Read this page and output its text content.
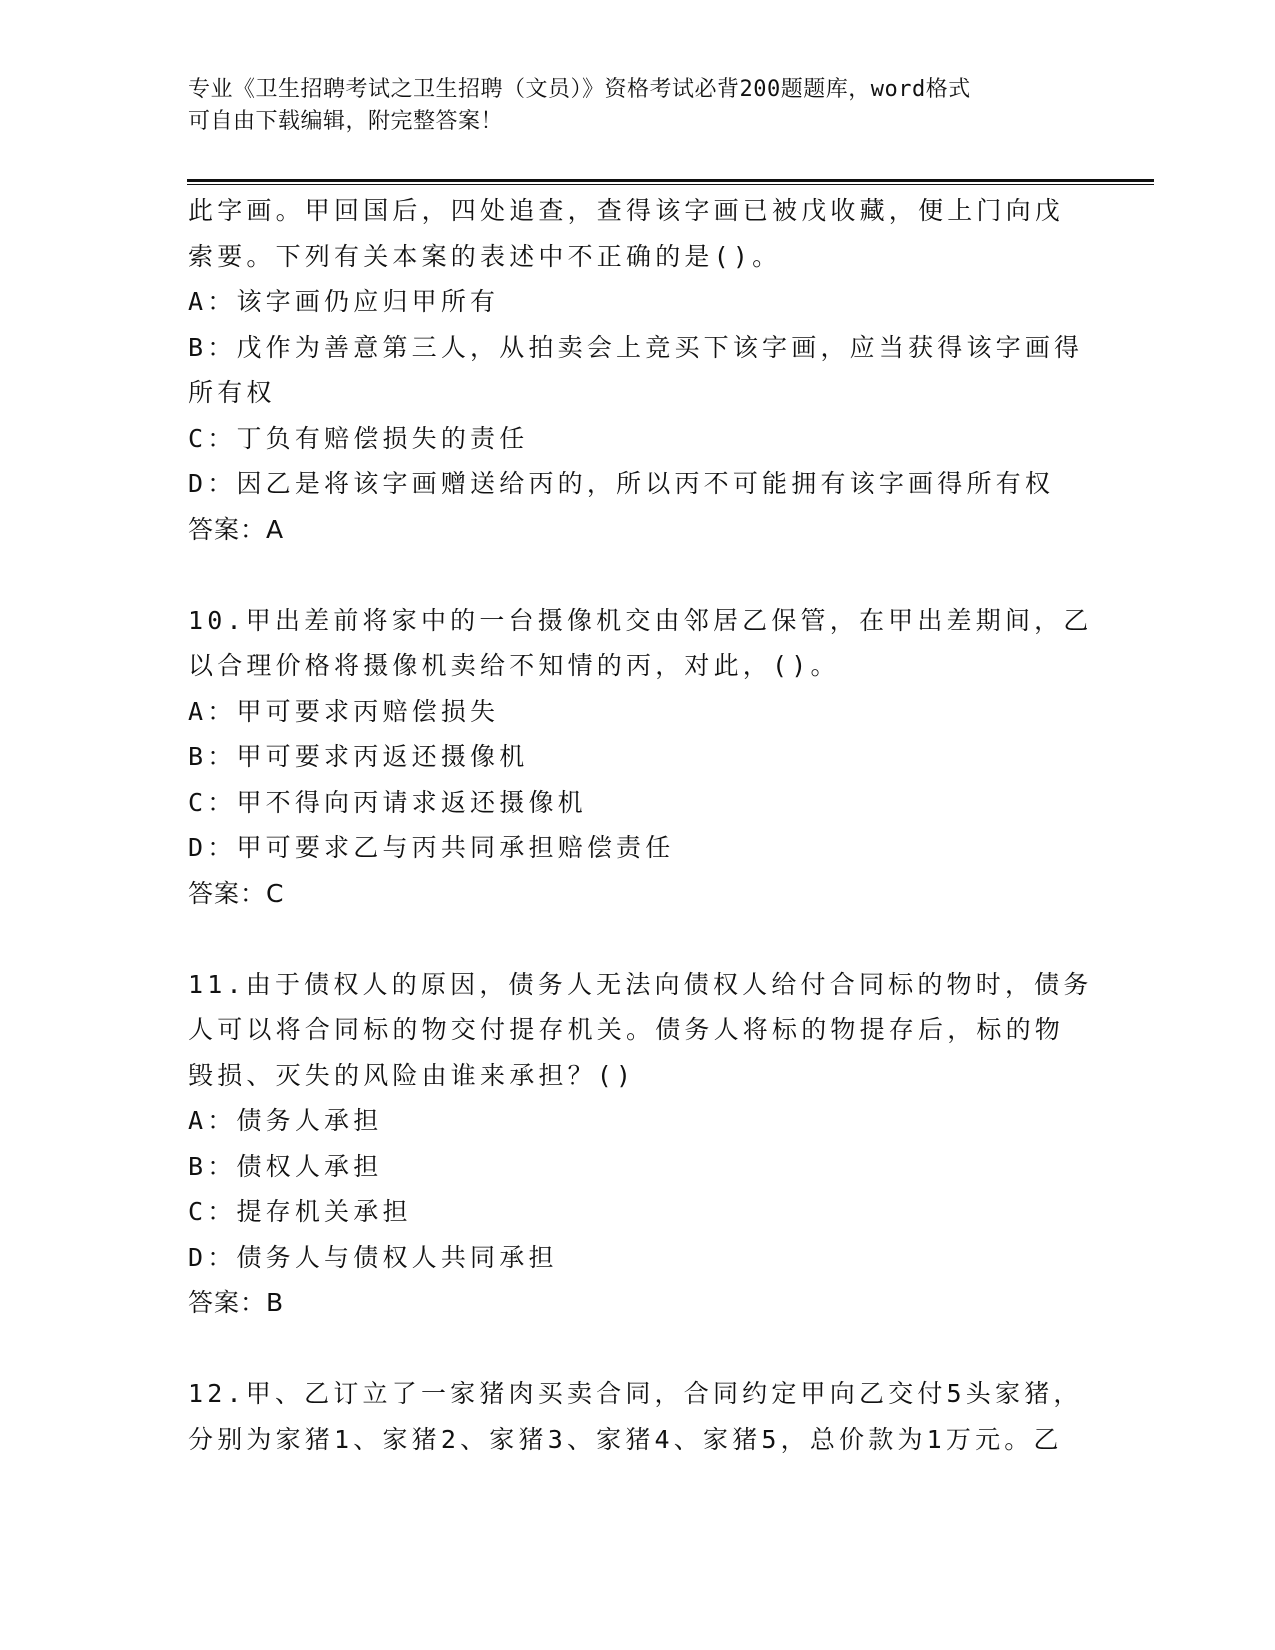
专业《卫生招聘考试之卫生招聘（文员）》资格考试必背200题题库，word格式
可自由下载编辑，附完整答案！
此字画。甲回国后，四处追查，查得该字画已被戊收藏，便上门向戊
索要。下列有关本案的表述中不正确的是()。
A：该字画仍应归甲所有
B：戊作为善意第三人，从拍卖会上竞买下该字画，应当获得该字画得
所有权
C：丁负有赔偿损失的责任
D：因乙是将该字画赠送给丙的，所以丙不可能拥有该字画得所有权
答案：A
10.甲出差前将家中的一台摄像机交由邻居乙保管，在甲出差期间，乙
以合理价格将摄像机卖给不知情的丙，对此，()。
A：甲可要求丙赔偿损失
B：甲可要求丙返还摄像机
C：甲不得向丙请求返还摄像机
D：甲可要求乙与丙共同承担赔偿责任
答案：C
11.由于债权人的原因，债务人无法向债权人给付合同标的物时，债务
人可以将合同标的物交付提存机关。债务人将标的物提存后，标的物
毁损、灭失的风险由谁来承担？()
A：债务人承担
B：债权人承担
C：提存机关承担
D：债务人与债权人共同承担
答案：B
12.甲、乙订立了一家猪肉买卖合同，合同约定甲向乙交付5头家猪，
分别为家猪1、家猪2、家猪3、家猪4、家猪5，总价款为1万元。乙
